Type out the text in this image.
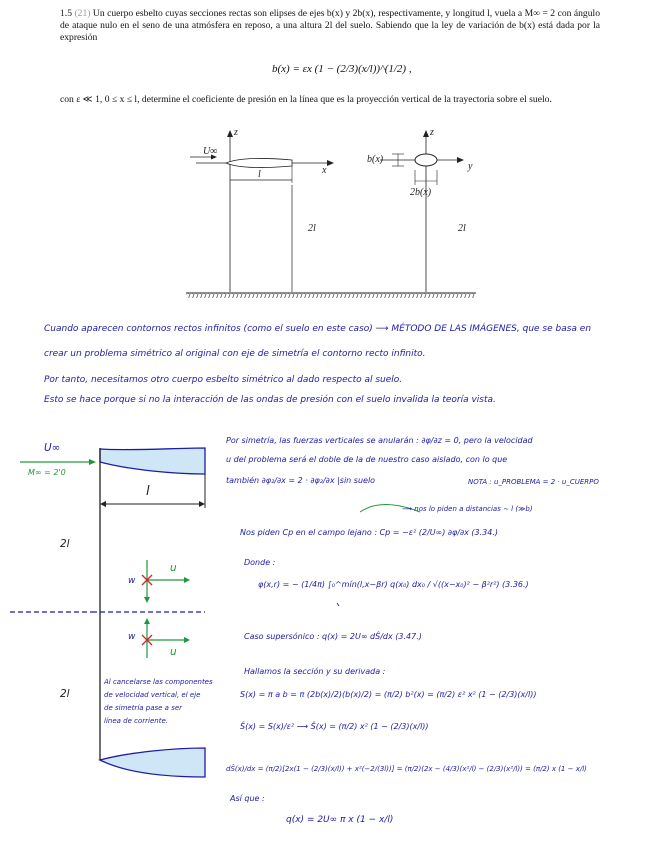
1.5 (21) Un cuerpo esbelto cuyas secciones rectas son elipses de ejes b(x) y 2b(x), respectivamente, y longitud l, vuela a M∞ = 2 con ángulo de ataque nulo en el seno de una atmósfera en reposo, a una altura 2l del suelo. Sabiendo que la ley de variación de b(x) está dada por la expresión
b(x) = εx (1 − (2/3)(x/l))^(1/2) ,
con ε ≪ 1, 0 ≤ x ≤ l, determine el coeficiente de presión en la línea que es la proyección vertical de la trayectoria sobre el suelo.
z
x
U∞
l
2l
z
y
b(x)
2b(x)
2l
Cuando aparecen contornos rectos infinitos (como el suelo en este caso) ⟶ MÉTODO DE LAS IMÁGENES, que se basa en
crear un problema simétrico al original con eje de simetría el contorno recto infinito.
Por tanto, necesitamos otro cuerpo esbelto simétrico al dado respecto al suelo.
Esto se hace porque si no la interacción de las ondas de presión con el suelo invalida la teoría vista.
U∞
M∞ = 2'0
l
2l
2l
w
u
w
u
Al cancelarse las componentes
de velocidad vertical, el eje
de simetría pase a ser
línea de corriente.
Por simetría, las fuerzas verticales se anularán : ∂φ/∂z = 0, pero la velocidad
u del problema será el doble de la de nuestro caso aislado, con lo que
también ∂φ₂/∂x = 2 · ∂φ₂/∂x |sin suelo	NOTA : u_PROBLEMA = 2 · u_CUERPO
⟶ nos lo piden a distancias ∼ l (≫b)
Nos piden Cp en el campo lejano : Cp = −ε² (2/U∞) ∂φ/∂x (3.34.)
Donde :
φ(x,r) = − (1/4π) ∫₀^mín(l,x−βr) q(x₀) dx₀ / √((x−x₀)² − β²r²) (3.36.)
Caso supersónico : q(x) = 2U∞ dŜ/dx (3.47.)
Hallamos la sección y su derivada :
S(x) = π a b = π (2b(x)/2)(b(x)/2) = (π/2) b²(x) = (π/2) ε² x² (1 − (2/3)(x/l))
Ŝ(x) = S(x)/ε² ⟶ Ŝ(x) = (π/2) x² (1 − (2/3)(x/l))
dŜ(x)/dx = (π/2)[2x(1 − (2/3)(x/l)) + x²(−2/(3l))] = (π/2)(2x − (4/3)(x²/l) − (2/3)(x²/l)) = (π/2) x (1 − x/l)
Así que :
q(x) = 2U∞ π x (1 − x/l)
